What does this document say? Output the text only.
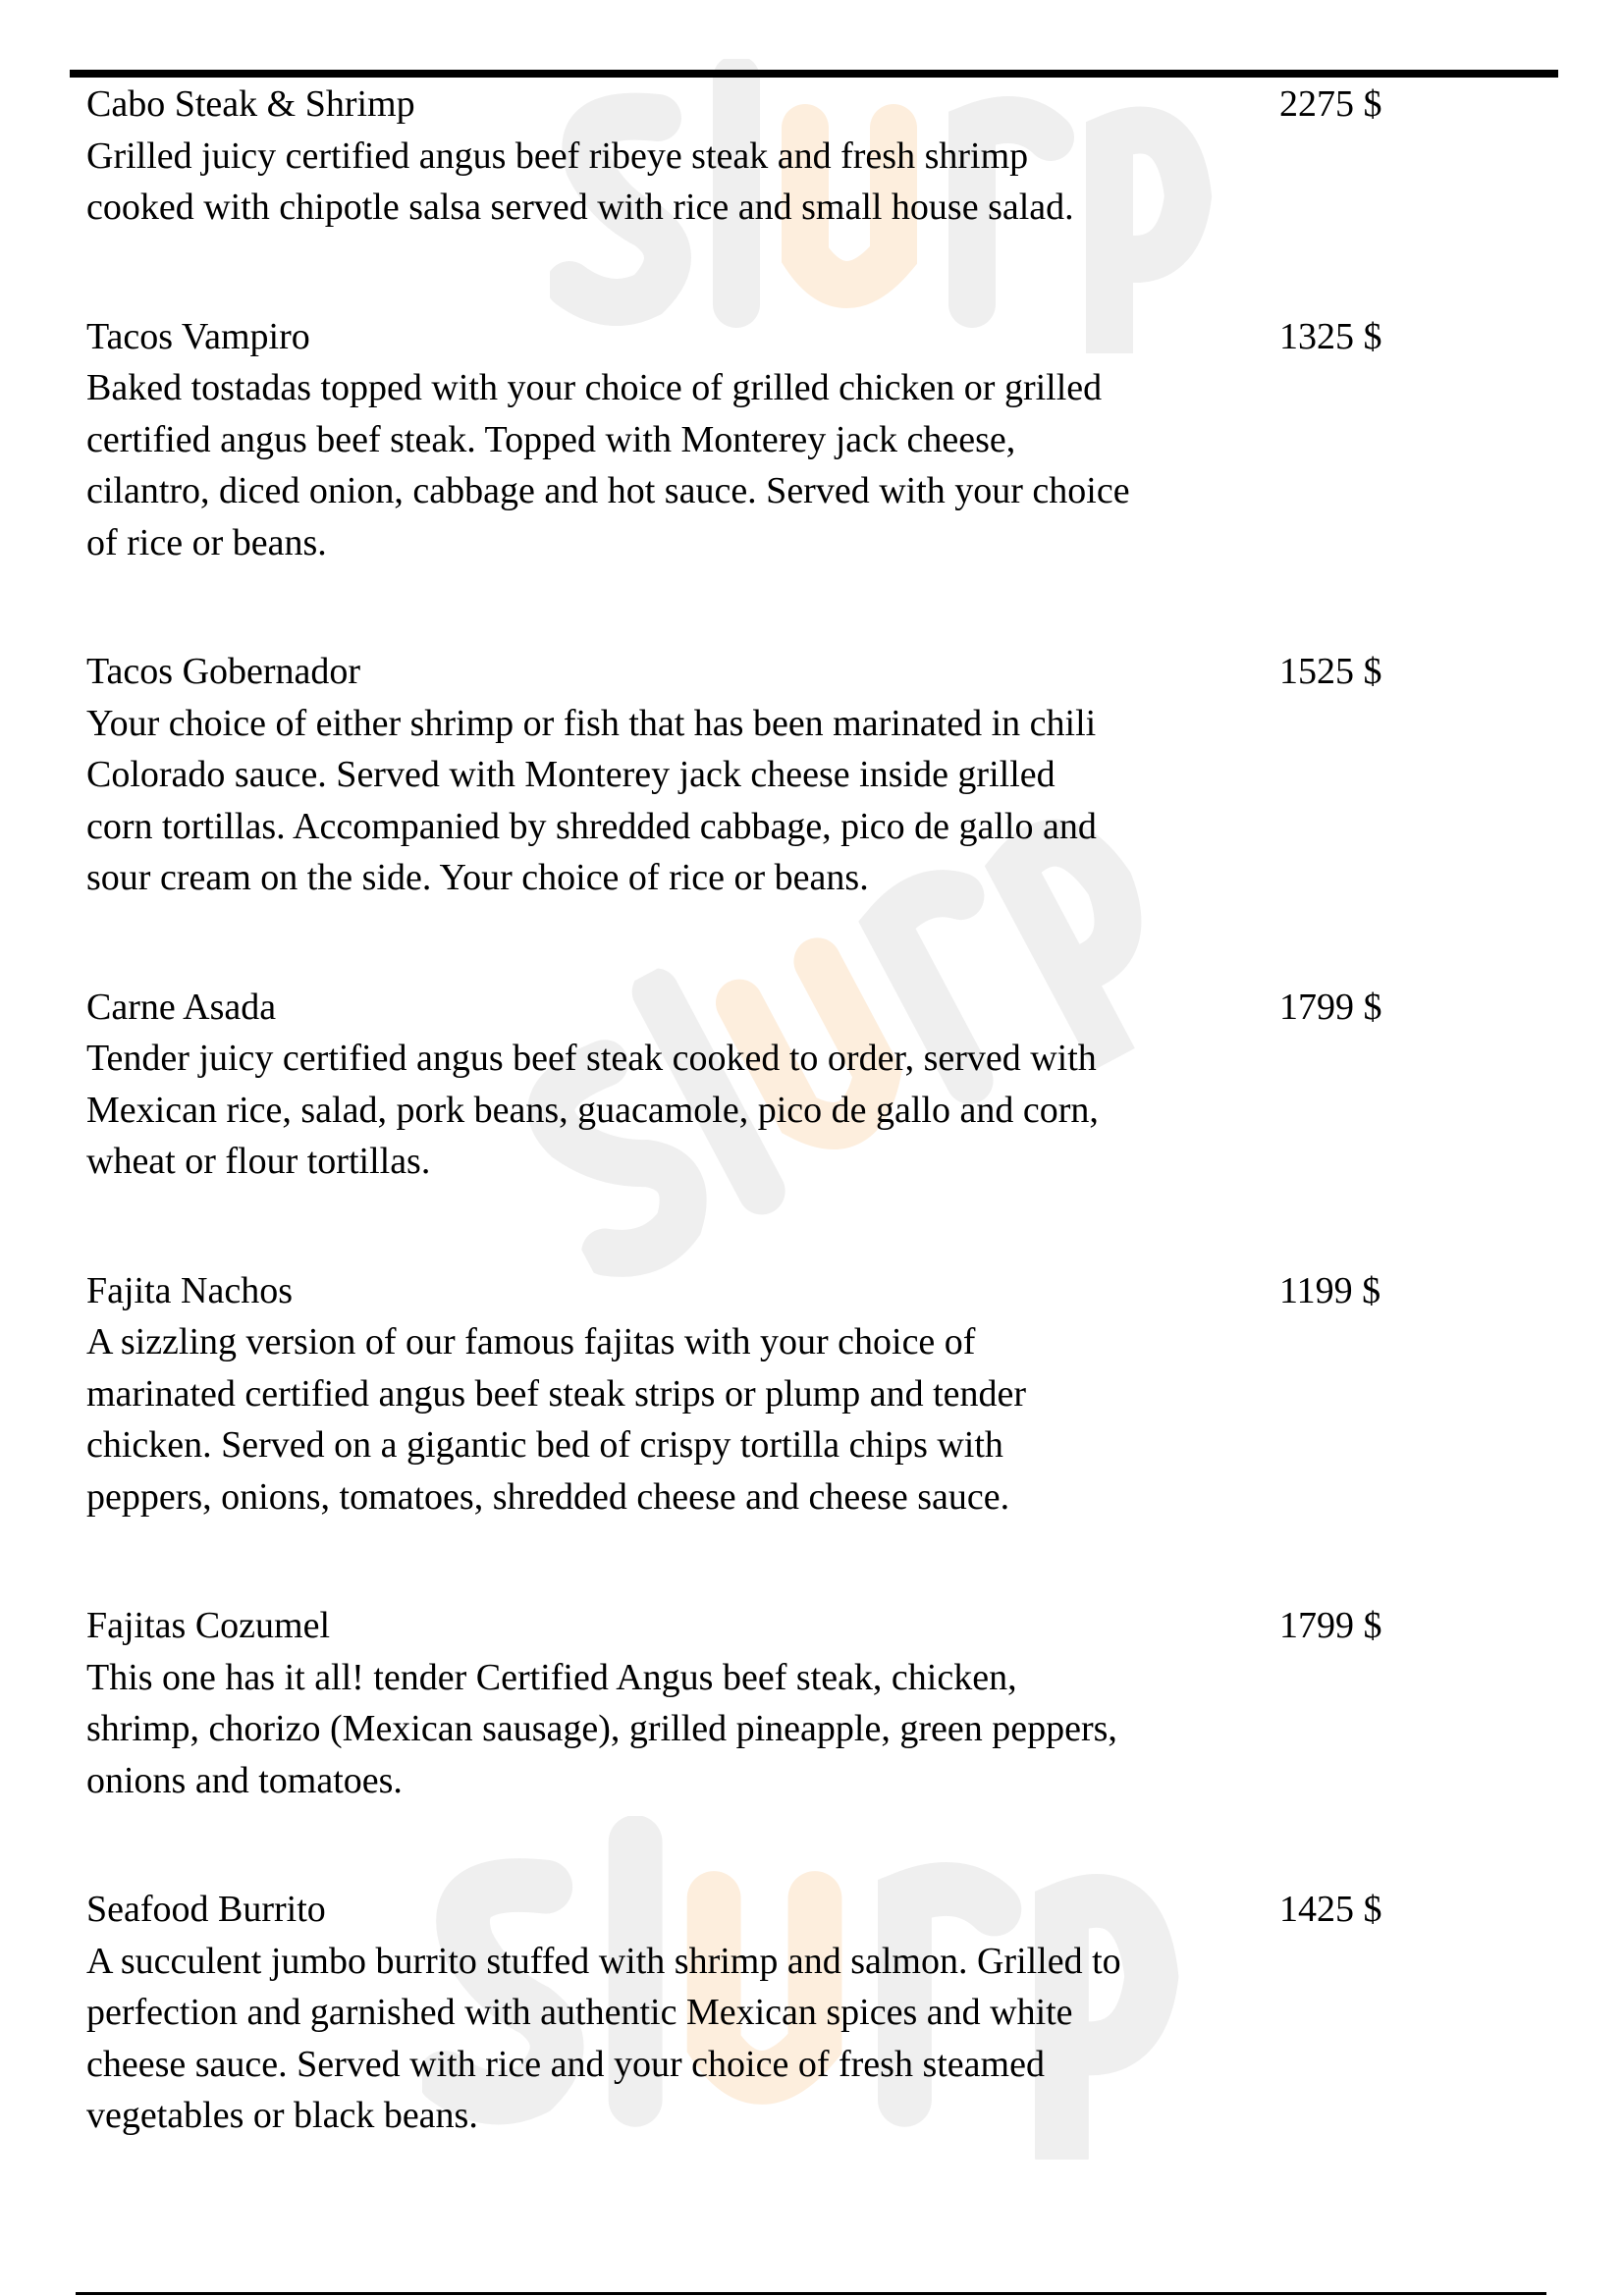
Cabo Steak & Shrimp	2275 $
Grilled juicy certified angus beef ribeye steak and fresh shrimp
cooked with chipotle salsa served with rice and small house salad.
Tacos Vampiro	1325 $
Baked tostadas topped with your choice of grilled chicken or grilled
certified angus beef steak. Topped with Monterey jack cheese,
cilantro, diced onion, cabbage and hot sauce. Served with your choice
of rice or beans.
Tacos Gobernador	1525 $
Your choice of either shrimp or fish that has been marinated in chili
Colorado sauce. Served with Monterey jack cheese inside grilled
corn tortillas. Accompanied by shredded cabbage, pico de gallo and
sour cream on the side. Your choice of rice or beans.
Carne Asada	1799 $
Tender juicy certified angus beef steak cooked to order, served with
Mexican rice, salad, pork beans, guacamole, pico de gallo and corn,
wheat or flour tortillas.
Fajita Nachos	1199 $
A sizzling version of our famous fajitas with your choice of
marinated certified angus beef steak strips or plump and tender
chicken. Served on a gigantic bed of crispy tortilla chips with
peppers, onions, tomatoes, shredded cheese and cheese sauce.
Fajitas Cozumel	1799 $
This one has it all! tender Certified Angus beef steak, chicken,
shrimp, chorizo (Mexican sausage), grilled pineapple, green peppers,
onions and tomatoes.
Seafood Burrito	1425 $
A succulent jumbo burrito stuffed with shrimp and salmon. Grilled to
perfection and garnished with authentic Mexican spices and white
cheese sauce. Served with rice and your choice of fresh steamed
vegetables or black beans.
